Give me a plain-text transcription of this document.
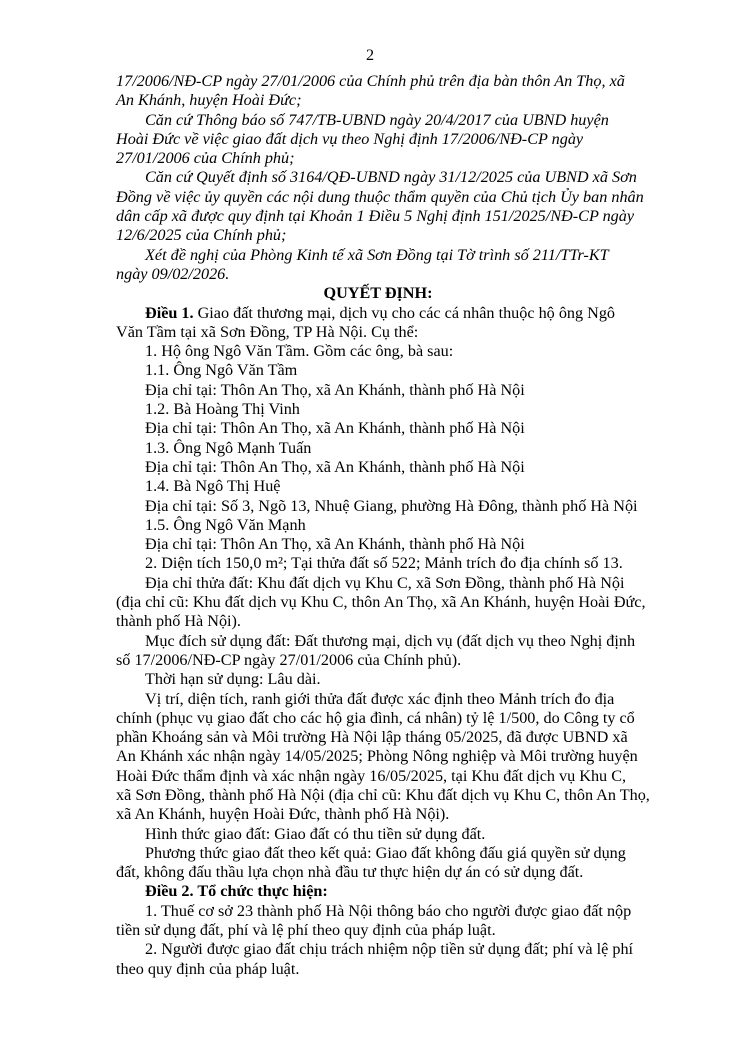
2
17/2006/NĐ-CP ngày 27/01/2006 của Chính phủ trên địa bàn thôn An Thọ, xã
An Khánh, huyện Hoài Đức;
Căn cứ Thông báo số 747/TB-UBND ngày 20/4/2017 của UBND huyện
Hoài Đức về việc giao đất dịch vụ theo Nghị định 17/2006/NĐ-CP ngày
27/01/2006 của Chính phủ;
Căn cứ Quyết định số 3164/QĐ-UBND ngày 31/12/2025 của UBND xã Sơn
Đồng về việc ủy quyền các nội dung thuộc thẩm quyền của Chủ tịch Ủy ban nhân
dân cấp xã được quy định tại Khoản 1 Điều 5 Nghị định 151/2025/NĐ-CP ngày
12/6/2025 của Chính phủ;
Xét đề nghị của Phòng Kinh tế xã Sơn Đồng tại Tờ trình số 211/TTr-KT
ngày 09/02/2026.
QUYẾT ĐỊNH:
Điều 1. Giao đất thương mại, dịch vụ cho các cá nhân thuộc hộ ông Ngô
Văn Tầm tại xã Sơn Đồng, TP Hà Nội. Cụ thể:
1. Hộ ông Ngô Văn Tầm. Gồm các ông, bà sau:
1.1. Ông Ngô Văn Tầm
Địa chỉ tại: Thôn An Thọ, xã An Khánh, thành phố Hà Nội
1.2. Bà Hoàng Thị Vinh
Địa chỉ tại: Thôn An Thọ, xã An Khánh, thành phố Hà Nội
1.3. Ông Ngô Mạnh Tuấn
Địa chỉ tại: Thôn An Thọ, xã An Khánh, thành phố Hà Nội
1.4. Bà Ngô Thị Huệ
Địa chỉ tại: Số 3, Ngõ 13, Nhuệ Giang, phường Hà Đông, thành phố Hà Nội
1.5. Ông Ngô Văn Mạnh
Địa chỉ tại: Thôn An Thọ, xã An Khánh, thành phố Hà Nội
2. Diện tích 150,0 m²; Tại thửa đất số 522; Mảnh trích đo địa chính số 13.
Địa chỉ thửa đất: Khu đất dịch vụ Khu C, xã Sơn Đồng, thành phố Hà Nội
(địa chỉ cũ: Khu đất dịch vụ Khu C, thôn An Thọ, xã An Khánh, huyện Hoài Đức,
thành phố Hà Nội).
Mục đích sử dụng đất: Đất thương mại, dịch vụ (đất dịch vụ theo Nghị định
số 17/2006/NĐ-CP ngày 27/01/2006 của Chính phủ).
Thời hạn sử dụng: Lâu dài.
Vị trí, diện tích, ranh giới thửa đất được xác định theo Mảnh trích đo địa
chính (phục vụ giao đất cho các hộ gia đình, cá nhân) tỷ lệ 1/500, do Công ty cổ
phần Khoáng sản và Môi trường Hà Nội lập tháng 05/2025, đã được UBND xã
An Khánh xác nhận ngày 14/05/2025; Phòng Nông nghiệp và Môi trường huyện
Hoài Đức thẩm định và xác nhận ngày 16/05/2025, tại Khu đất dịch vụ Khu C,
xã Sơn Đồng, thành phố Hà Nội (địa chỉ cũ: Khu đất dịch vụ Khu C, thôn An Thọ,
xã An Khánh, huyện Hoài Đức, thành phố Hà Nội).
Hình thức giao đất: Giao đất có thu tiền sử dụng đất.
Phương thức giao đất theo kết quả: Giao đất không đấu giá quyền sử dụng
đất, không đấu thầu lựa chọn nhà đầu tư thực hiện dự án có sử dụng đất.
Điều 2. Tổ chức thực hiện:
1. Thuế cơ sở 23 thành phố Hà Nội thông báo cho người được giao đất nộp
tiền sử dụng đất, phí và lệ phí theo quy định của pháp luật.
2. Người được giao đất chịu trách nhiệm nộp tiền sử dụng đất; phí và lệ phí
theo quy định của pháp luật.
